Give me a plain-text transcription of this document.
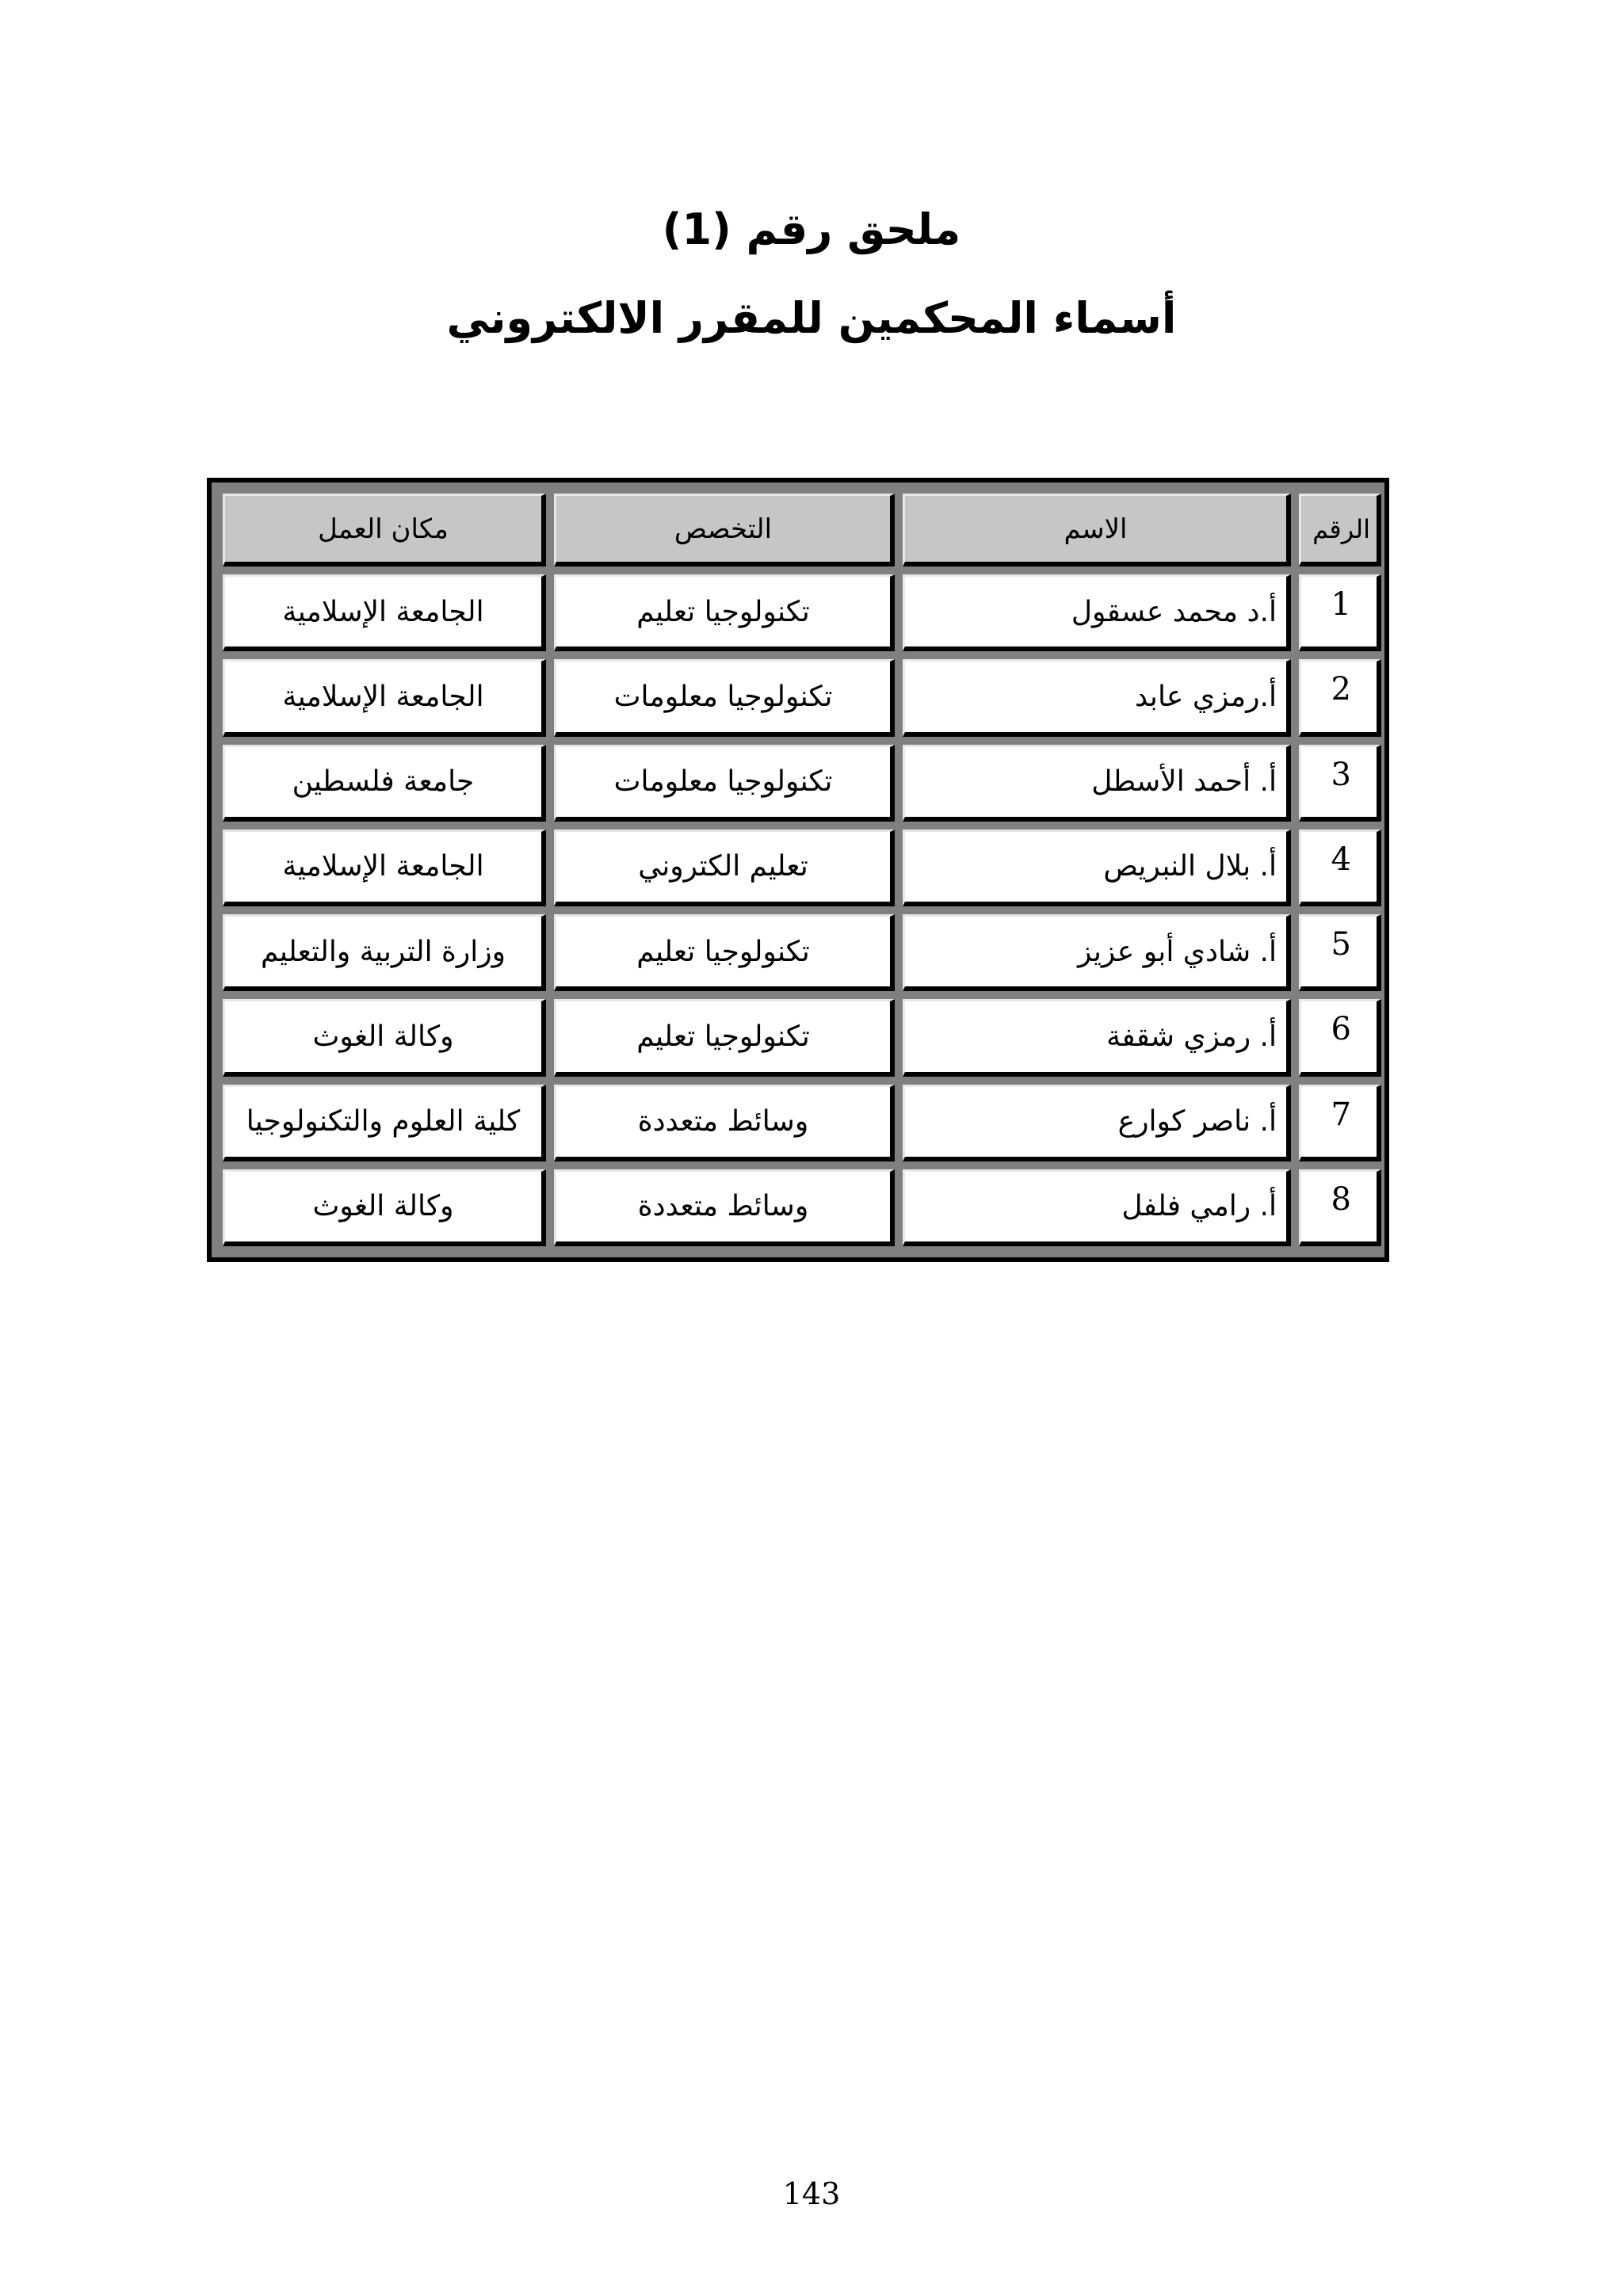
ملحق رقم (1)
أسماء المحكمين للمقرر الالكتروني
الرقم	الاسم	التخصص	مكان العمل
1	أ.د محمد عسقول	تكنولوجيا تعليم	الجامعة الإسلامية
2	أ.رمزي عابد	تكنولوجيا معلومات	الجامعة الإسلامية
3	أ. أحمد الأسطل	تكنولوجيا معلومات	جامعة فلسطين
4	أ. بلال النبريص	تعليم الكتروني	الجامعة الإسلامية
5	أ. شادي أبو عزيز	تكنولوجيا تعليم	وزارة التربية والتعليم
6	أ. رمزي شقفة	تكنولوجيا تعليم	وكالة الغوث
7	أ. ناصر كوارع	وسائط متعددة	كلية العلوم والتكنولوجيا
8	أ. رامي فلفل	وسائط متعددة	وكالة الغوث
143
